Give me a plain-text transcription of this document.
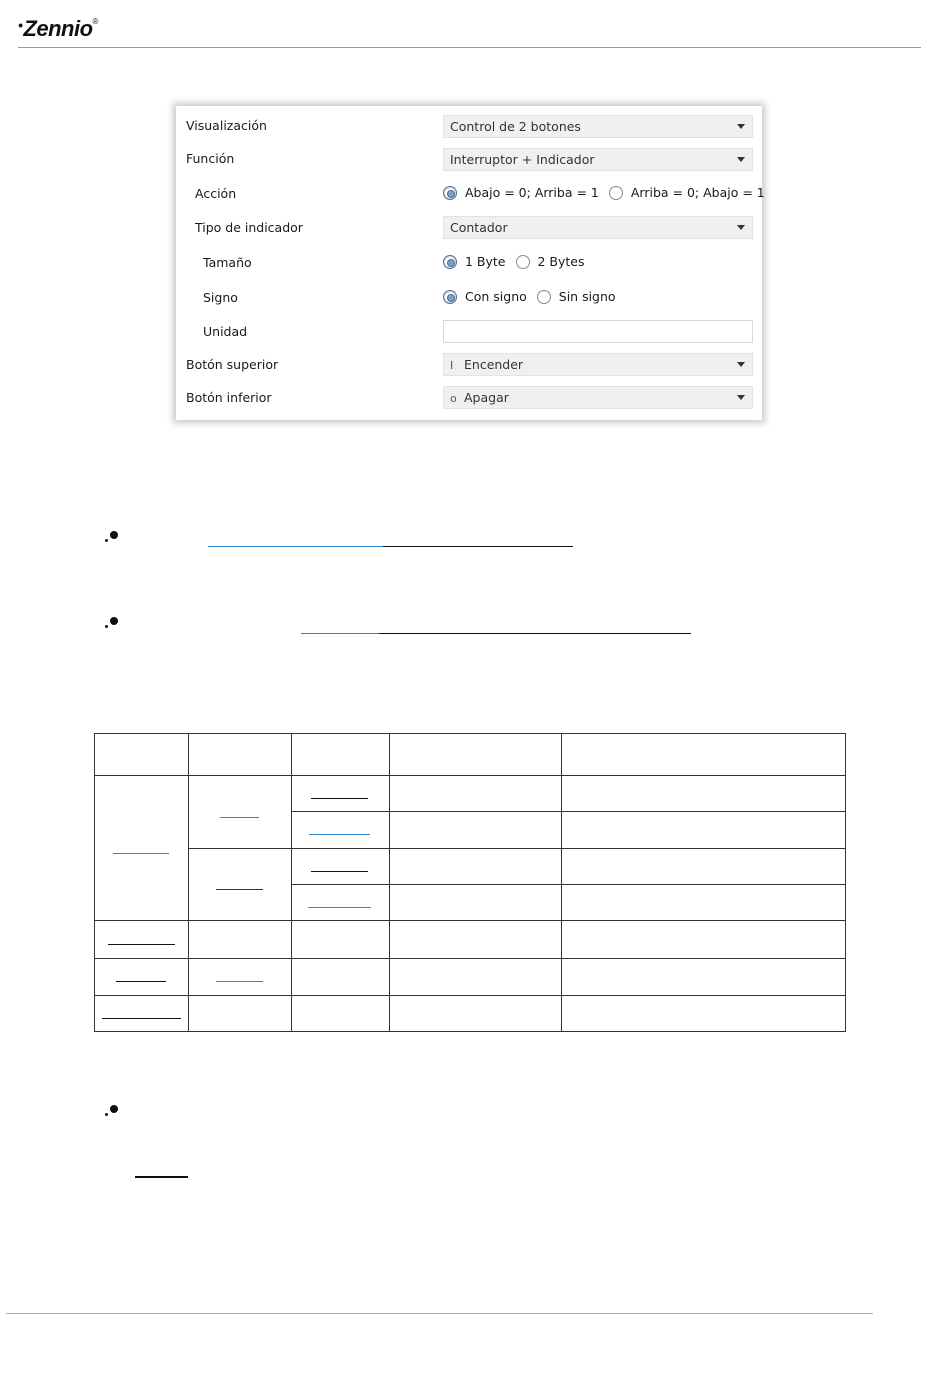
•Zennio®
Visualización	Control de 2 botones
Función	Interruptor + Indicador
Acción	Abajo = 0; Arriba = 1	Arriba = 0; Abajo = 1
Tipo de indicador	Contador
Tamaño	1 Byte	2 Bytes
Signo	Con signo	Sin signo
Unidad
Botón superior	I Encender
Botón inferior	o Apagar
